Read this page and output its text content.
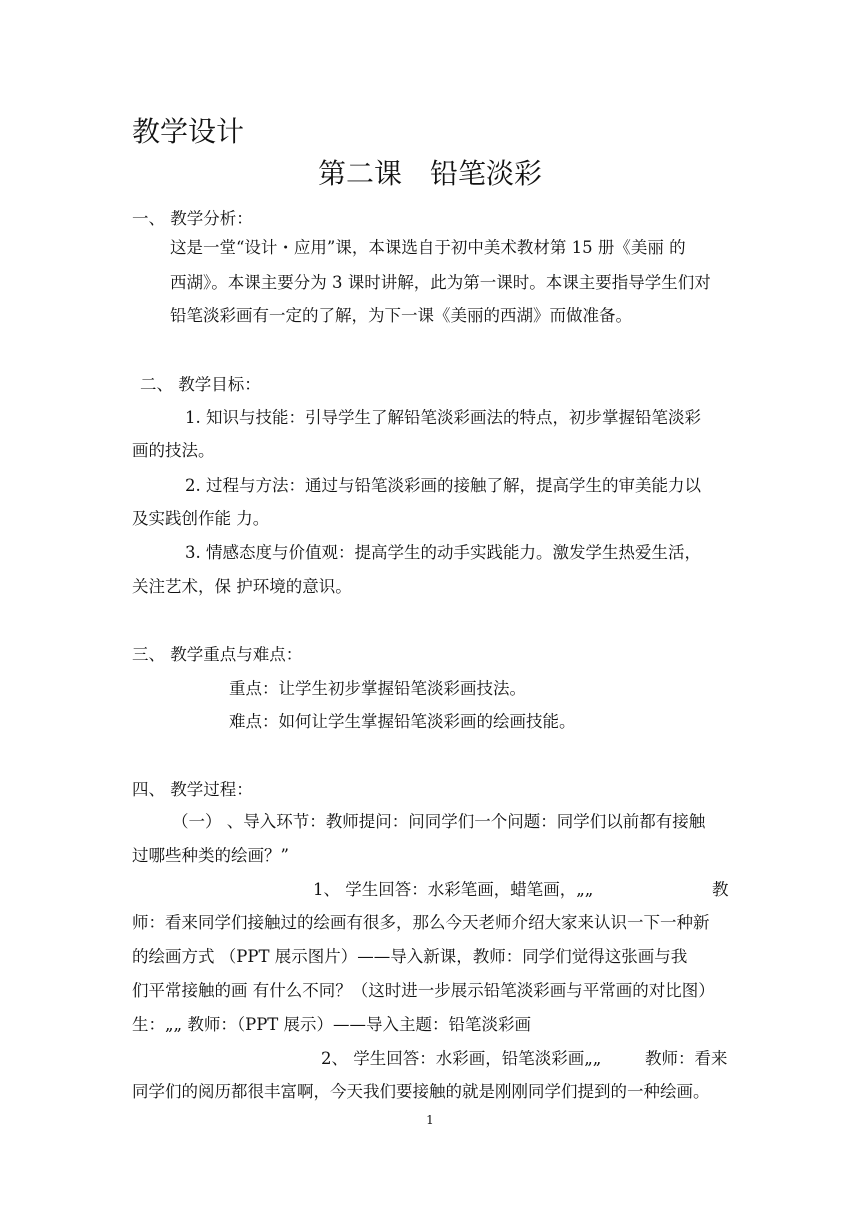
教学设计
第二课　铅笔淡彩
一、 教学分析：
这是一堂“设计・应用”课，本课选自于初中美术教材第 15 册《美丽 的
西湖》。本课主要分为 3 课时讲解，此为第一课时。本课主要指导学生们对
铅笔淡彩画有一定的了解，为下一课《美丽的西湖》而做准备。
二、 教学目标：
1. 知识与技能：引导学生了解铅笔淡彩画法的特点，初步掌握铅笔淡彩
画的技法。
2. 过程与方法：通过与铅笔淡彩画的接触了解，提高学生的审美能力以
及实践创作能 力。
3. 情感态度与价值观：提高学生的动手实践能力。激发学生热爱生活，
关注艺术，保 护环境的意识。
三、 教学重点与难点：
重点：让学生初步掌握铅笔淡彩画技法。
难点：如何让学生掌握铅笔淡彩画的绘画技能。
四、 教学过程：
（一） 、导入环节：教师提问：问同学们一个问题：同学们以前都有接触
过哪些种类的绘画？”
1、 学生回答：水彩笔画，蜡笔画，„„	教
师：看来同学们接触过的绘画有很多，那么今天老师介绍大家来认识一下一种新
的绘画方式 （PPT 展示图片）——导入新课，教师：同学们觉得这张画与我
们平常接触的画 有什么不同？（这时进一步展示铅笔淡彩画与平常画的对比图）
生：„„ 教师：（PPT 展示）——导入主题：铅笔淡彩画
2、 学生回答：水彩画，铅笔淡彩画„„	教师：看来
同学们的阅历都很丰富啊，今天我们要接触的就是刚刚同学们提到的一种绘画。
1
